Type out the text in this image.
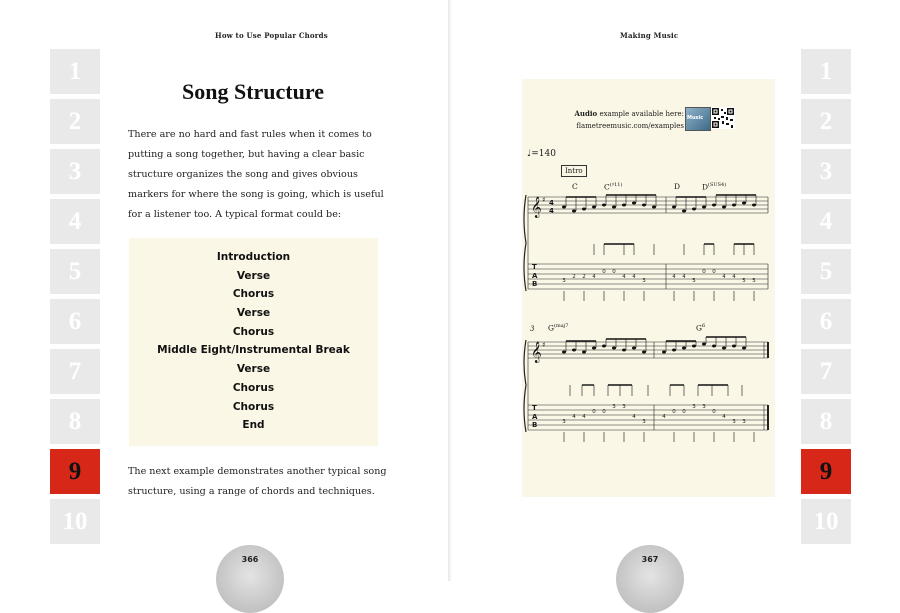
How to Use Popular Chords
1
2
3
4
5
6
7
8
9
10
Song Structure
There are no hard and fast rules when it comes to
putting a song together, but having a clear basic
structure organizes the song and gives obvious
markers for where the song is going, which is useful
for a listener too. A typical format could be:
Introduction
Verse
Chorus
Verse
Chorus
Middle Eight/Instrumental Break
Verse
Chorus
Chorus
End
The next example demonstrates another typical song
structure, using a range of chords and techniques.
366
Making Music
1
2
3
4
5
6
7
8
9
10
Audio example available here:
flametreemusic.com/examples
Music
♩=140
Intro
C	$C^{(♯11)}$	D	$D^{(SUS4)}$
3 $G^{(maj7}$	$G^6$
𝄞
𝄞
♯
♯
4
4
3
2 2 4
0 0
4 4
3
4 4
5
0 0
4 4
5 5
3
4 4
0 0
3 3
4
3
4
0 0
3 3
0
4
3 3
T
A
B
T
A
B
367
